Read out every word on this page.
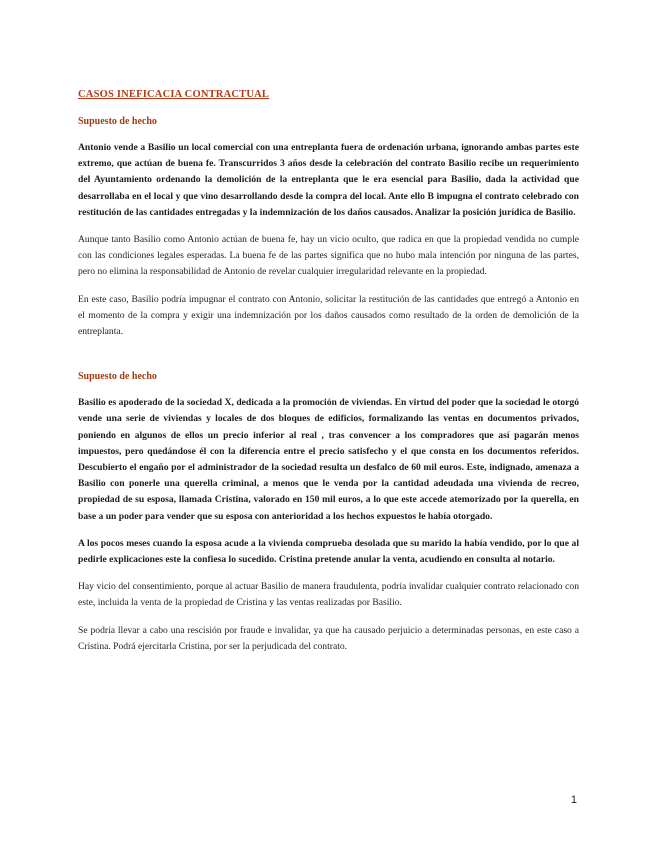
CASOS INEFICACIA CONTRACTUAL
Supuesto de hecho

Antonio vende a Basilio un local comercial con una entreplanta fuera de ordenación urbana, ignorando ambas partes este extremo, que actúan de buena fe. Transcurridos 3 años desde la celebración del contrato Basilio recibe un requerimiento del Ayuntamiento ordenando la demolición de la entreplanta que le era esencial para Basilio, dada la actividad que desarrollaba en el local y que vino desarrollando desde la compra del local. Ante ello B impugna el contrato celebrado con restitución de las cantidades entregadas y la indemnización de los daños causados. Analizar la posición jurídica de Basilio.

Aunque tanto Basilio como Antonio actúan de buena fe, hay un vicio oculto, que radica en que la propiedad vendida no cumple con las condiciones legales esperadas. La buena fe de las partes significa que no hubo mala intención por ninguna de las partes, pero no elimina la responsabilidad de Antonio de revelar cualquier irregularidad relevante en la propiedad.

En este caso, Basilio podría impugnar el contrato con Antonio, solicitar la restitución de las cantidades que entregó a Antonio en el momento de la compra y exigir una indemnización por los daños causados como resultado de la orden de demolición de la entreplanta.

Supuesto de hecho

Basilio es apoderado de la sociedad X, dedicada a la promoción de viviendas. En virtud del poder que la sociedad le otorgó vende una serie de viviendas y locales de dos bloques de edificios, formalizando las ventas en documentos privados, poniendo en algunos de ellos un precio inferior al real , tras convencer a los compradores que así pagarán menos impuestos, pero quedándose él con la diferencia entre el precio satisfecho y el que consta en los documentos referidos. Descubierto el engaño por el administrador de la sociedad resulta un desfalco de 60 mil euros. Este, indignado, amenaza a Basilio con ponerle una querella criminal, a menos que le venda por la cantidad adeudada una vivienda de recreo, propiedad de su esposa, llamada Cristina, valorado en 150 mil euros, a lo que este accede atemorizado por la querella, en base a un poder para vender que su esposa con anterioridad a los hechos expuestos le había otorgado.

A los pocos meses cuando la esposa acude a la vivienda comprueba desolada que su marido la había vendido, por lo que al pedirle explicaciones este la confiesa lo sucedido. Cristina pretende anular la venta, acudiendo en consulta al notario.

Hay vicio del consentimiento, porque al actuar Basilio de manera fraudulenta, podría invalidar cualquier contrato relacionado con este, incluida la venta de la propiedad de Cristina y las ventas realizadas por Basilio.

Se podría llevar a cabo una rescisión por fraude e invalidar, ya que ha causado perjuicio a determinadas personas, en este caso a Cristina. Podrá ejercitarla Cristina, por ser la perjudicada del contrato.

1
